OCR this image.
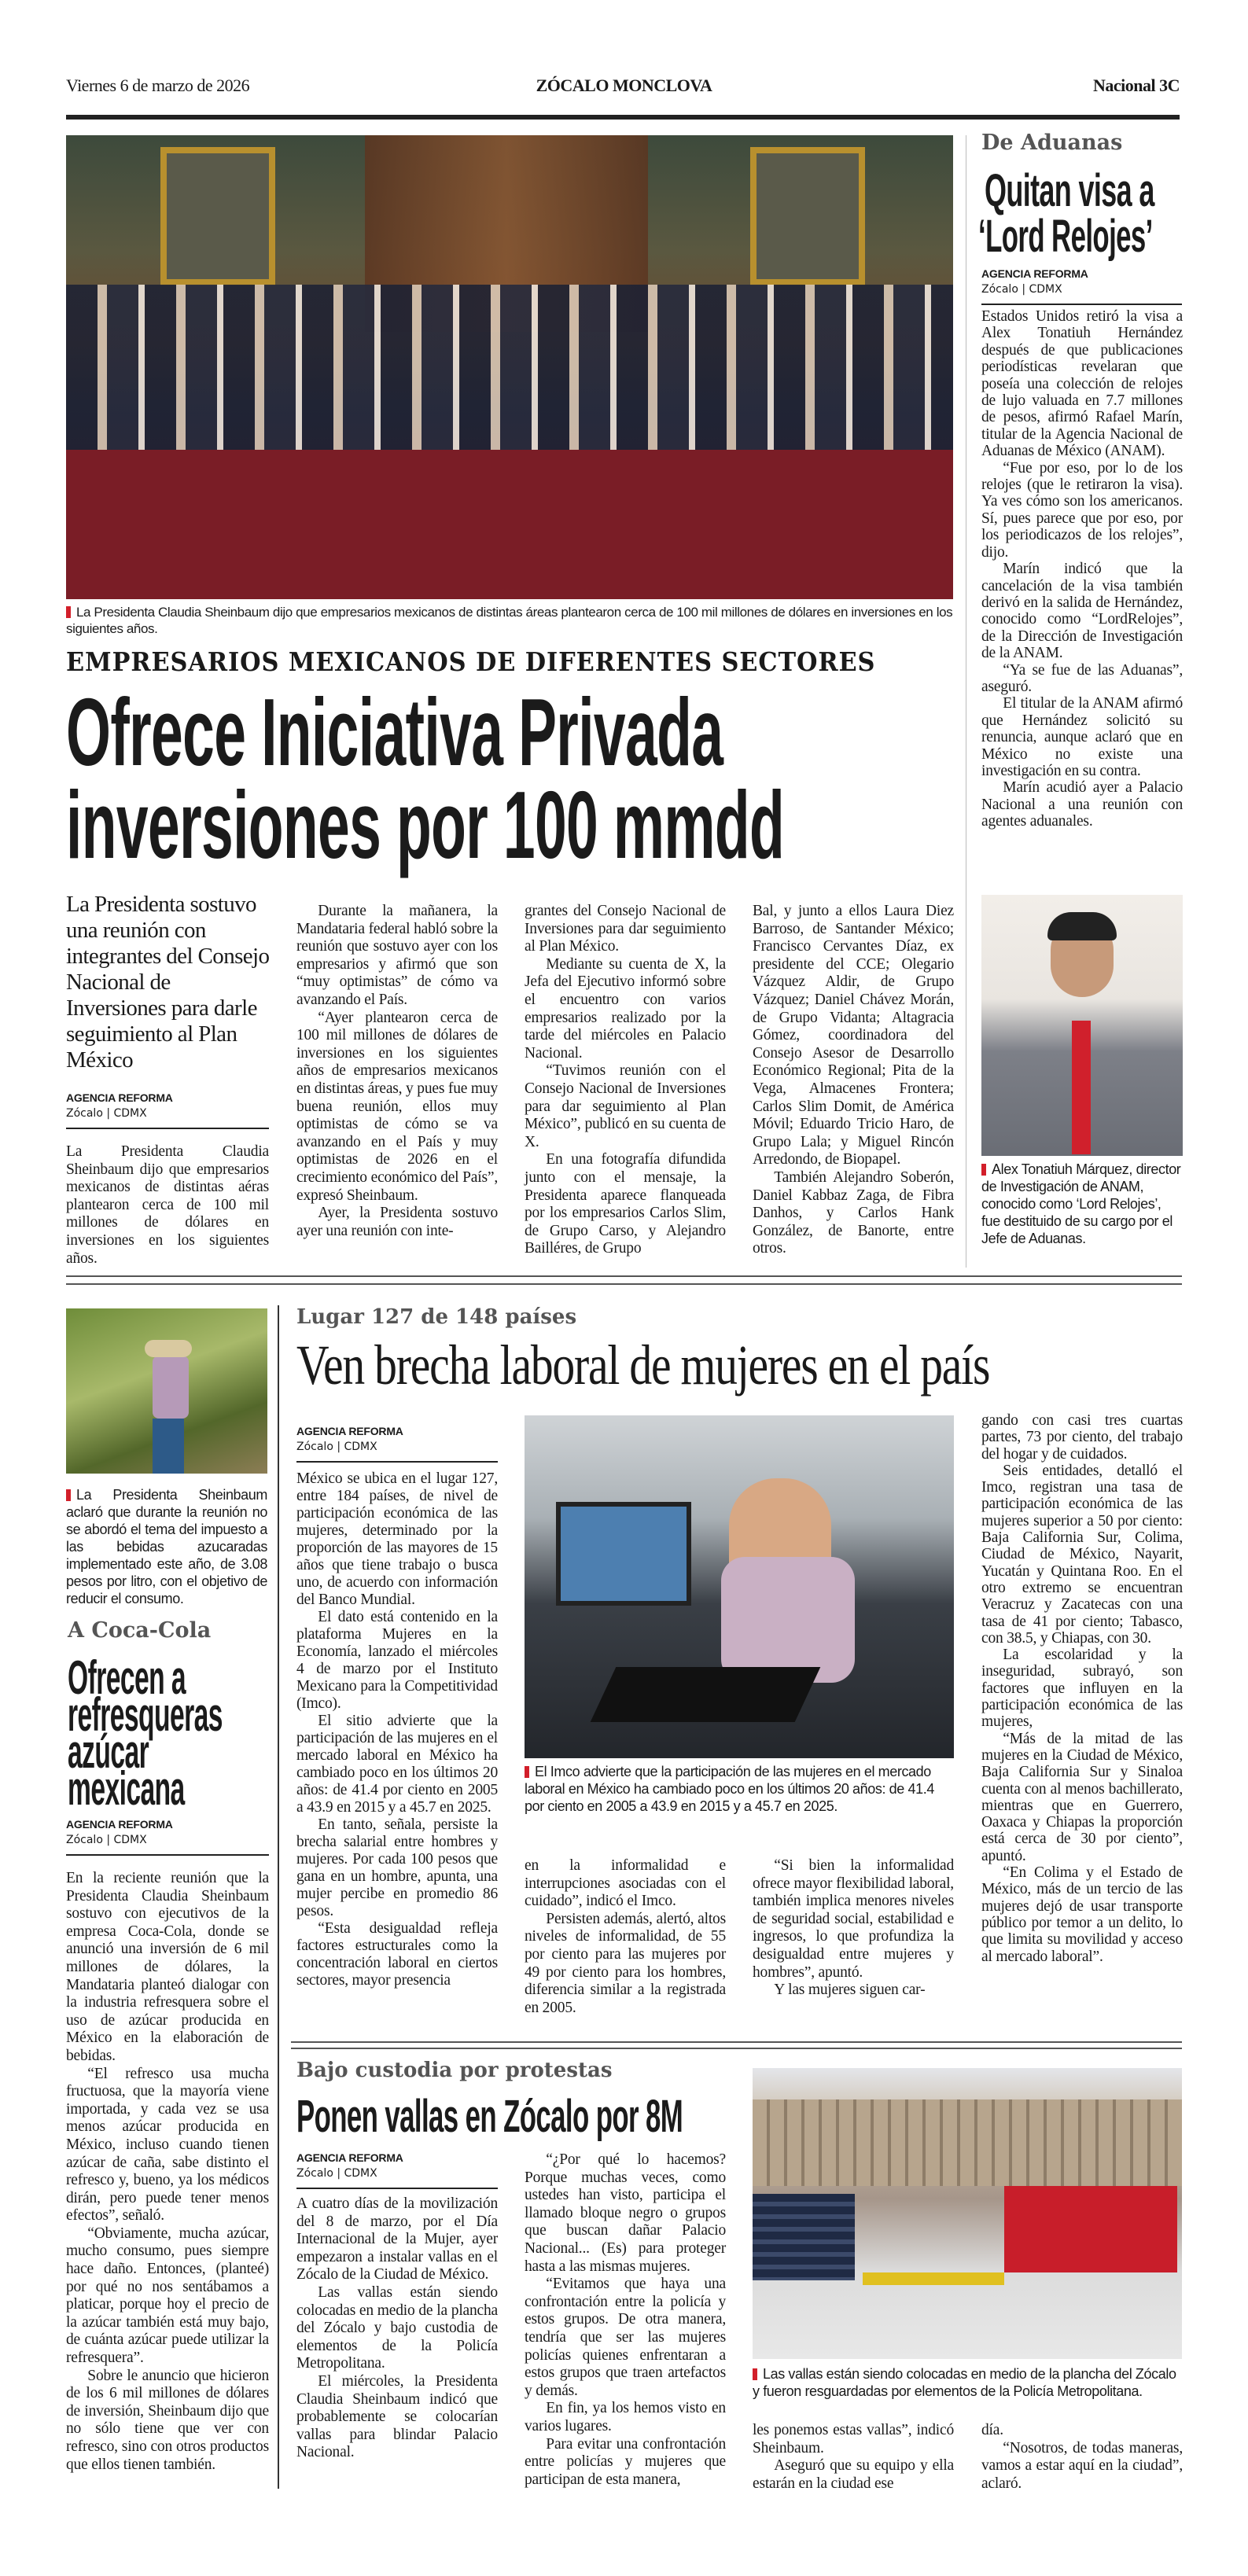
Viernes 6 de marzo de 2026	ZÓCALO MONCLOVA	Nacional 3C
La Presidenta Claudia Sheinbaum dijo que empresarios mexicanos de distintas áreas plantearon cerca de 100 mil millones de dólares en inversiones en los siguientes años.
EMPRESARIOS MEXICANOS DE DIFERENTES SECTORES
Ofrece Iniciativa Privada
inversiones por 100 mmdd
La Presidenta sostuvo una reunión con integrantes del Consejo Nacional de Inversiones para darle seguimiento al Plan México
AGENCIA REFORMA
Zócalo | CDMX

La Presidenta Claudia Sheinbaum dijo que empresarios mexicanos de distintas aéras plantearon cerca de 100 mil millones de dólares en inversiones en los siguientes años.

Durante la mañanera, la Mandataria federal habló sobre la reunión que sostuvo ayer con los empresarios y afirmó que son “muy optimistas” de cómo va avanzando el País.

“Ayer plantearon cerca de 100 mil millones de dólares de inversiones en los siguientes años de empresarios mexicanos en distintas áreas, y pues fue muy buena reunión, ellos muy optimistas de cómo se va avanzando en el País y muy optimistas de 2026 en el crecimiento económico del País”, expresó Sheinbaum.

Ayer, la Presidenta sostuvo ayer una reunión con inte-

grantes del Consejo Nacional de Inversiones para dar seguimiento al Plan México.

Mediante su cuenta de X, la Jefa del Ejecutivo informó sobre el encuentro con varios empresarios realizado por la tarde del miércoles en Palacio Nacional.

“Tuvimos reunión con el Consejo Nacional de Inversiones para dar seguimiento al Plan México”, publicó en su cuenta de X.

En una fotografía difundida junto con el mensaje, la Presidenta aparece flanqueada por los empresarios Carlos Slim, de Grupo Carso, y Alejandro Bailléres, de Grupo

Bal, y junto a ellos Laura Diez Barroso, de Santander México; Francisco Cervantes Díaz, ex presidente del CCE; Olegario Vázquez Aldir, de Grupo Vázquez; Daniel Chávez Morán, de Grupo Vidanta; Altagracia Gómez, coordinadora del Consejo Asesor de Desarrollo Económico Regional; Pita de la Vega, Almacenes Frontera; Carlos Slim Domit, de América Móvil; Eduardo Tricio Haro, de Grupo Lala; y Miguel Rincón Arredondo, de Biopapel.

También Alejandro Soberón, Daniel Kabbaz Zaga, de Fibra Danhos, y Carlos Hank González, de Banorte, entre otros.

De Aduanas
Quitan visa a
‘Lord Relojes’
AGENCIA REFORMA
Zócalo | CDMX

Estados Unidos retiró la visa a Alex Tonatiuh Hernández después de que publicaciones periodísticas revelaran que poseía una colección de relojes de lujo valuada en 7.7 millones de pesos, afirmó Rafael Marín, titular de la Agencia Nacional de Aduanas de México (ANAM).

“Fue por eso, por lo de los relojes (que le retiraron la visa). Ya ves cómo son los americanos. Sí, pues parece que por eso, por los periodicazos de los relojes”, dijo.

Marín indicó que la cancelación de la visa también derivó en la salida de Hernández, conocido como “LordRelojes”, de la Dirección de Investigación de la ANAM.

“Ya se fue de las Aduanas”, aseguró.

El titular de la ANAM afirmó que Hernández solicitó su renuncia, aunque aclaró que en México no existe una investigación en su contra.

Marín acudió ayer a Palacio Nacional a una reunión con agentes aduanales.

Alex Tonatiuh Márquez, director de Investigación de ANAM, conocido como ‘Lord Relojes’, fue destituido de su cargo por el Jefe de Aduanas.
La Presidenta Sheinbaum aclaró que durante la reunión no se abordó el tema del impuesto a las bebidas azucaradas implementado este año, de 3.08 pesos por litro, con el objetivo de reducir el consumo.
A Coca-Cola
Ofrecen a
refresqueras
azúcar
mexicana
AGENCIA REFORMA
Zócalo | CDMX

En la reciente reunión que la Presidenta Claudia Sheinbaum sostuvo con ejecutivos de la empresa Coca-Cola, donde se anunció una inversión de 6 mil millones de dólares, la Mandataria planteó dialogar con la industria refresquera sobre el uso de azúcar producida en México en la elaboración de bebidas.

“El refresco usa mucha fructuosa, que la mayoría viene importada, y cada vez se usa menos azúcar producida en México, incluso cuando tienen azúcar de caña, sabe distinto el refresco y, bueno, ya los médicos dirán, pero puede tener menos efectos”, señaló.

“Obviamente, mucha azúcar, mucho consumo, pues siempre hace daño. Entonces, (planteé) por qué no nos sentábamos a platicar, porque hoy el precio de la azúcar también está muy bajo, de cuánta azúcar puede utilizar la refresquera”.

Sobre le anuncio que hicieron de los 6 mil millones de dólares de inversión, Sheinbaum dijo que no sólo tiene que ver con refresco, sino con otros productos que ellos tienen también.

Lugar 127 de 148 países
Ven brecha laboral de mujeres en el país
AGENCIA REFORMA
Zócalo | CDMX

México se ubica en el lugar 127, entre 184 países, de nivel de participación económica de las mujeres, determinado por la proporción de las mayores de 15 años que tiene trabajo o busca uno, de acuerdo con información del Banco Mundial.

El dato está contenido en la plataforma Mujeres en la Economía, lanzado el miércoles 4 de marzo por el Instituto Mexicano para la Competitividad (Imco).

El sitio advierte que la participación de las mujeres en el mercado laboral en México ha cambiado poco en los últimos 20 años: de 41.4 por ciento en 2005 a 43.9 en 2015 y a 45.7 en 2025.

En tanto, señala, persiste la brecha salarial entre hombres y mujeres. Por cada 100 pesos que gana en un hombre, apunta, una mujer percibe en promedio 86 pesos.

“Esta desigualdad refleja factores estructurales como la concentración laboral en ciertos sectores, mayor presencia

El Imco advierte que la participación de las mujeres en el mercado laboral en México ha cambiado poco en los últimos 20 años: de 41.4 por ciento en 2005 a 43.9 en 2015 y a 45.7 en 2025.

en la informalidad e interrupciones asociadas con el cuidado”, indicó el Imco.

Persisten además, alertó, altos niveles de informalidad, de 55 por ciento para las mujeres por 49 por ciento para los hombres, diferencia similar a la registrada en 2005.

“Si bien la informalidad ofrece mayor flexibilidad laboral, también implica menores niveles de seguridad social, estabilidad e ingresos, lo que profundiza la desigualdad entre mujeres y hombres”, apuntó.

Y las mujeres siguen car-

gando con casi tres cuartas partes, 73 por ciento, del trabajo del hogar y de cuidados.

Seis entidades, detalló el Imco, registran una tasa de participación económica de las mujeres superior a 50 por ciento: Baja California Sur, Colima, Ciudad de México, Nayarit, Yucatán y Quintana Roo. En el otro extremo se encuentran Veracruz y Zacatecas con una tasa de 41 por ciento; Tabasco, con 38.5, y Chiapas, con 30.

La escolaridad y la inseguridad, subrayó, son factores que influyen en la participación económica de las mujeres,

“Más de la mitad de las mujeres en la Ciudad de México, Baja California Sur y Sinaloa cuenta con al menos bachillerato, mientras que en Guerrero, Oaxaca y Chiapas la proporción está cerca de 30 por ciento”, apuntó.

“En Colima y el Estado de México, más de un tercio de las mujeres dejó de usar transporte público por temor a un delito, lo que limita su movilidad y acceso al mercado laboral”.

Bajo custodia por protestas
Ponen vallas en Zócalo por 8M
AGENCIA REFORMA
Zócalo | CDMX

A cuatro días de la movilización del 8 de marzo, por el Día Internacional de la Mujer, ayer empezaron a instalar vallas en el Zócalo de la Ciudad de México.

Las vallas están siendo colocadas en medio de la plancha del Zócalo y bajo custodia de elementos de la Policía Metropolitana.

El miércoles, la Presidenta Claudia Sheinbaum indicó que probablemente se colocarían vallas para blindar Palacio Nacional.

“¿Por qué lo hacemos? Porque muchas veces, como ustedes han visto, participa el llamado bloque negro o grupos que buscan dañar Palacio Nacional... (Es) para proteger hasta a las mismas mujeres.

“Evitamos que haya una confrontación entre la policía y estos grupos. De otra manera, tendría que ser las mujeres policías quienes enfrentaran a estos grupos que traen artefactos y demás.

En fin, ya los hemos visto en varios lugares.

Para evitar una confrontación entre policías y mujeres que participan de esta manera,

Las vallas están siendo colocadas en medio de la plancha del Zócalo y fueron resguardadas por elementos de la Policía Metropolitana.

les ponemos estas vallas”, indicó Sheinbaum.

Aseguró que su equipo y ella estarán en la ciudad ese

día.

“Nosotros, de todas maneras, vamos a estar aquí en la ciudad”, aclaró.
